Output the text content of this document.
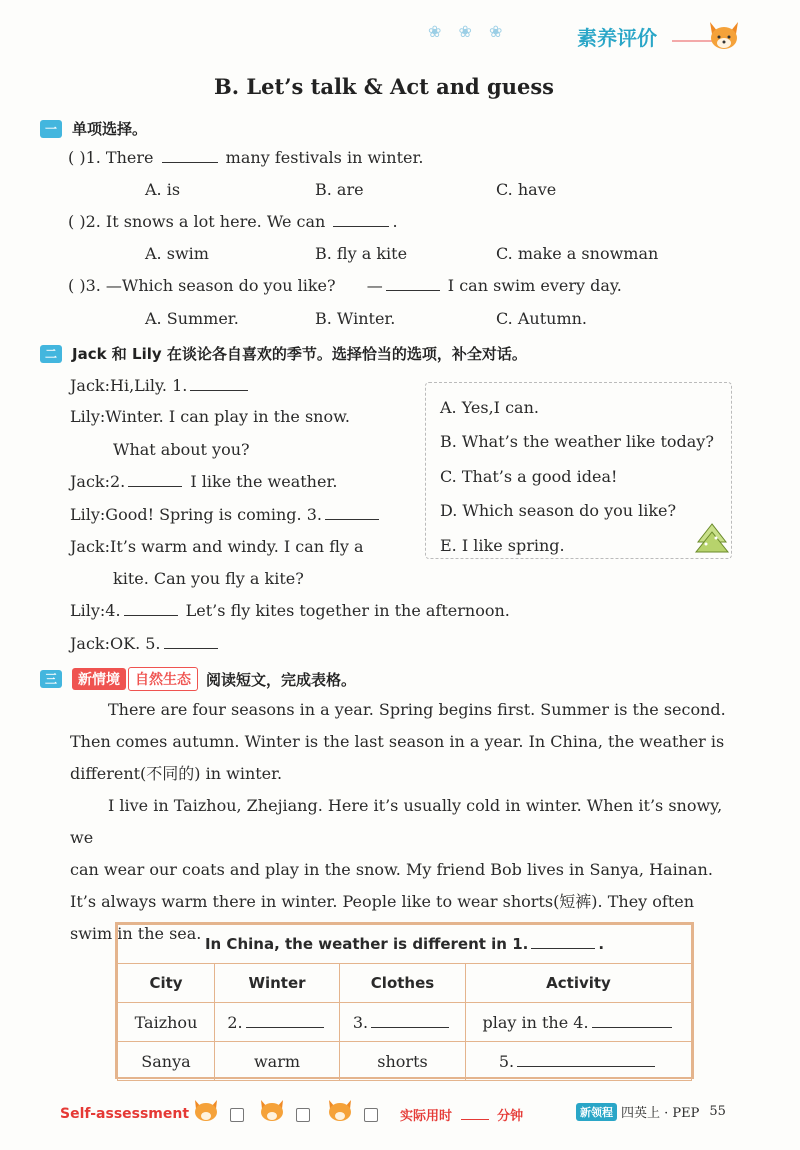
❀ ❀ ❀	素养评价
B. Let’s talk & Act and guess
一	单项选择。
( )1. There	many festivals in winter.
A. is	B. are	C. have
( )2. It snows a lot here. We can	.
A. swim	B. fly a kite	C. make a snowman
( )3. —Which season do you like? —	I can swim every day.
A. Summer.	B. Winter.	C. Autumn.
二	Jack 和 Lily 在谈论各自喜欢的季节。选择恰当的选项，补全对话。
Jack:Hi,Lily. 1.
Lily:Winter. I can play in the snow.
What about you?
Jack:2.	I like the weather.
Lily:Good! Spring is coming. 3.
Jack:It’s warm and windy. I can fly a
kite. Can you fly a kite?
Lily:4.	Let’s fly kites together in the afternoon.
Jack:OK. 5.
A. Yes,I can.
B. What’s the weather like today?
C. That’s a good idea!
D. Which season do you like?
E. I like spring.
三	新情境	自然生态	阅读短文，完成表格。
There are four seasons in a year. Spring begins first. Summer is the second.
Then comes autumn. Winter is the last season in a year. In China, the weather is
different(不同的) in winter.
I live in Taizhou, Zhejiang. Here it’s usually cold in winter. When it’s snowy, we
can wear our coats and play in the snow. My friend Bob lives in Sanya, Hainan.
It’s always warm there in winter. People like to wear shorts(短裤). They often
swim in the sea.
In China, the weather is different in 1. .			
City	Winter	Clothes	Activity
Taizhou	2.	3.	play in the 4.
Sanya	warm	shorts	5.
Self-assessment	实际用时	分钟	新领程 四英上 · PEP 55
